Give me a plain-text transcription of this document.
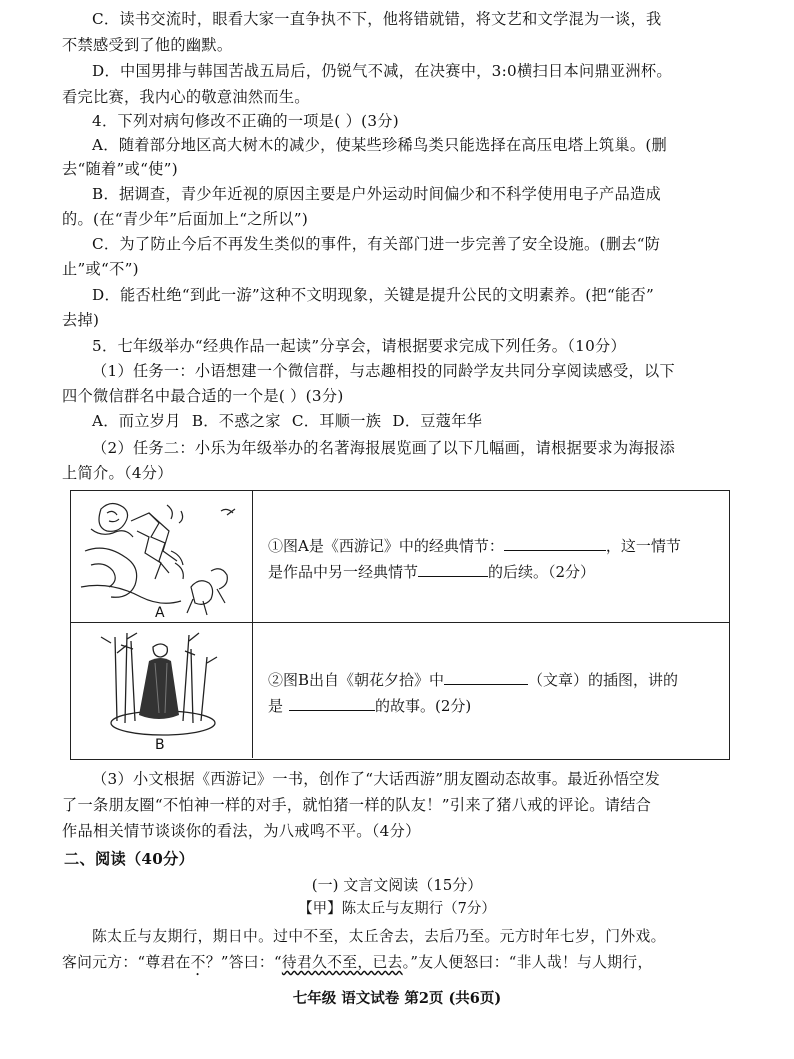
C．读书交流时，眼看大家一直争执不下，他将错就错，将文艺和文学混为一谈，我
不禁感受到了他的幽默。
D．中国男排与韩国苦战五局后，仍锐气不减，在决赛中，3:0横扫日本问鼎亚洲杯。
看完比赛，我内心的敬意油然而生。
4．下列对病句修改不正确的一项是( ）(3分)
A．随着部分地区高大树木的减少，使某些珍稀鸟类只能选择在高压电塔上筑巢。(删
去“随着”或“使”)
B．据调查，青少年近视的原因主要是户外运动时间偏少和不科学使用电子产品造成
的。(在“青少年”后面加上“之所以”)
C．为了防止今后不再发生类似的事件，有关部门进一步完善了安全设施。(删去“防
止”或“不”)
D．能否杜绝“到此一游”这种不文明现象，关键是提升公民的文明素养。(把“能否”
去掉)
5．七年级举办“经典作品一起读”分享会，请根据要求完成下列任务。（10分）
（1）任务一：小语想建一个微信群，与志趣相投的同龄学友共同分享阅读感受，以下
四个微信群名中最合适的一个是( ）(3分)
A．而立岁月 B．不惑之家 C．耳顺一族 D．豆蔻年华
（2）任务二：小乐为年级举办的名著海报展览画了以下几幅画，请根据要求为海报添
上简介。（4分）
A
①图A是《西游记》中的经典情节：	，这一情节
是作品中另一经典情节	的后续。（2分）
B
②图B出自《朝花夕拾》中	（文章）的插图，讲的
是	的故事。(2分)
（3）小文根据《西游记》一书，创作了“大话西游”朋友圈动态故事。最近孙悟空发
了一条朋友圈“不怕神一样的对手，就怕猪一样的队友！”引来了猪八戒的评论。请结合
作品相关情节谈谈你的看法，为八戒鸣不平。（4分）
二、阅读（40分）
(一) 文言文阅读（15分）
【甲】陈太丘与友期行（7分）
陈太丘与友期行，期日中。过中不至，太丘舍去，去后乃至。元方时年七岁，门外戏。
客问元方：“尊君在不？”答曰：“待君久不至，已去。”友人便怒曰：“非人哉！与人期行，
七年级 语文试卷 第2页 (共6页)
